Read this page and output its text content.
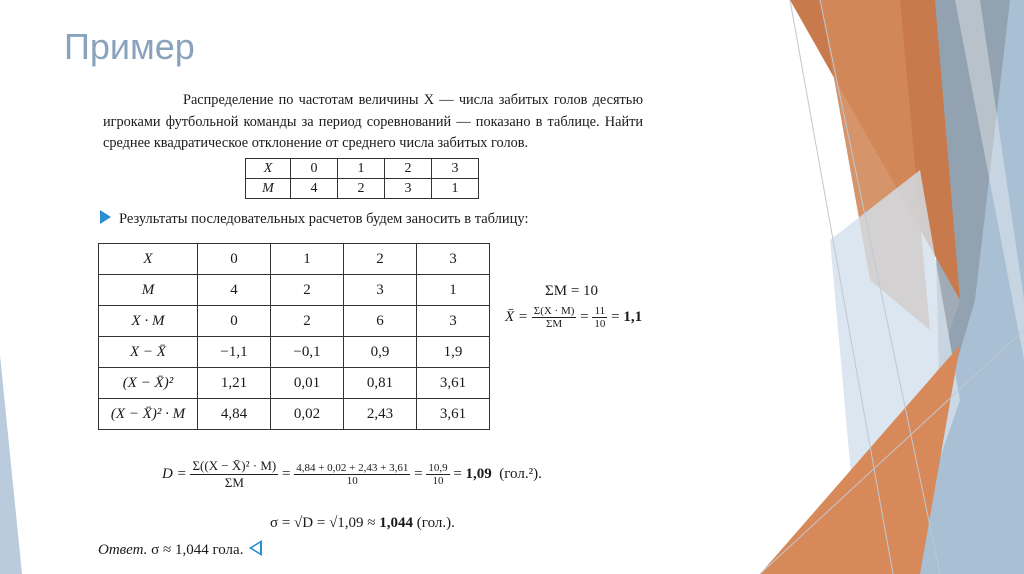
Пример
Распределение по частотам величины X — числа забитых голов десятью игроками футбольной команды за период соревнований — показано в таблице. Найти среднее квадратическое отклонение от среднего числа забитых голов.
X	0	1	2	3
M	4	2	3	1
Результаты последовательных расчетов будем заносить в таблицу:
X	0	1	2	3
M	4	2	3	1
X · M	0	2	6	3
X − X̄	−1,1	−0,1	0,9	1,9
(X − X̄)²	1,21	0,01	0,81	3,61
(X − X̄)² · M	4,84	0,02	2,43	3,61
ΣM = 10
X̄ = $\frac{\Sigma(X \cdot M)}{\Sigma M} = \frac{11}{10} = 1,1$
$D = \frac{\text{Σ((X − X̄)² · M)}}{\Sigma M} = \frac{4,84 + 0,02 + 2,43 + 3,61}{10} = \frac{10,9}{10} = 1,09$ (гол.²).
σ = √D = √1,09 ≈ 1,044 (гол.).
Ответ. σ ≈ 1,044 гола.
